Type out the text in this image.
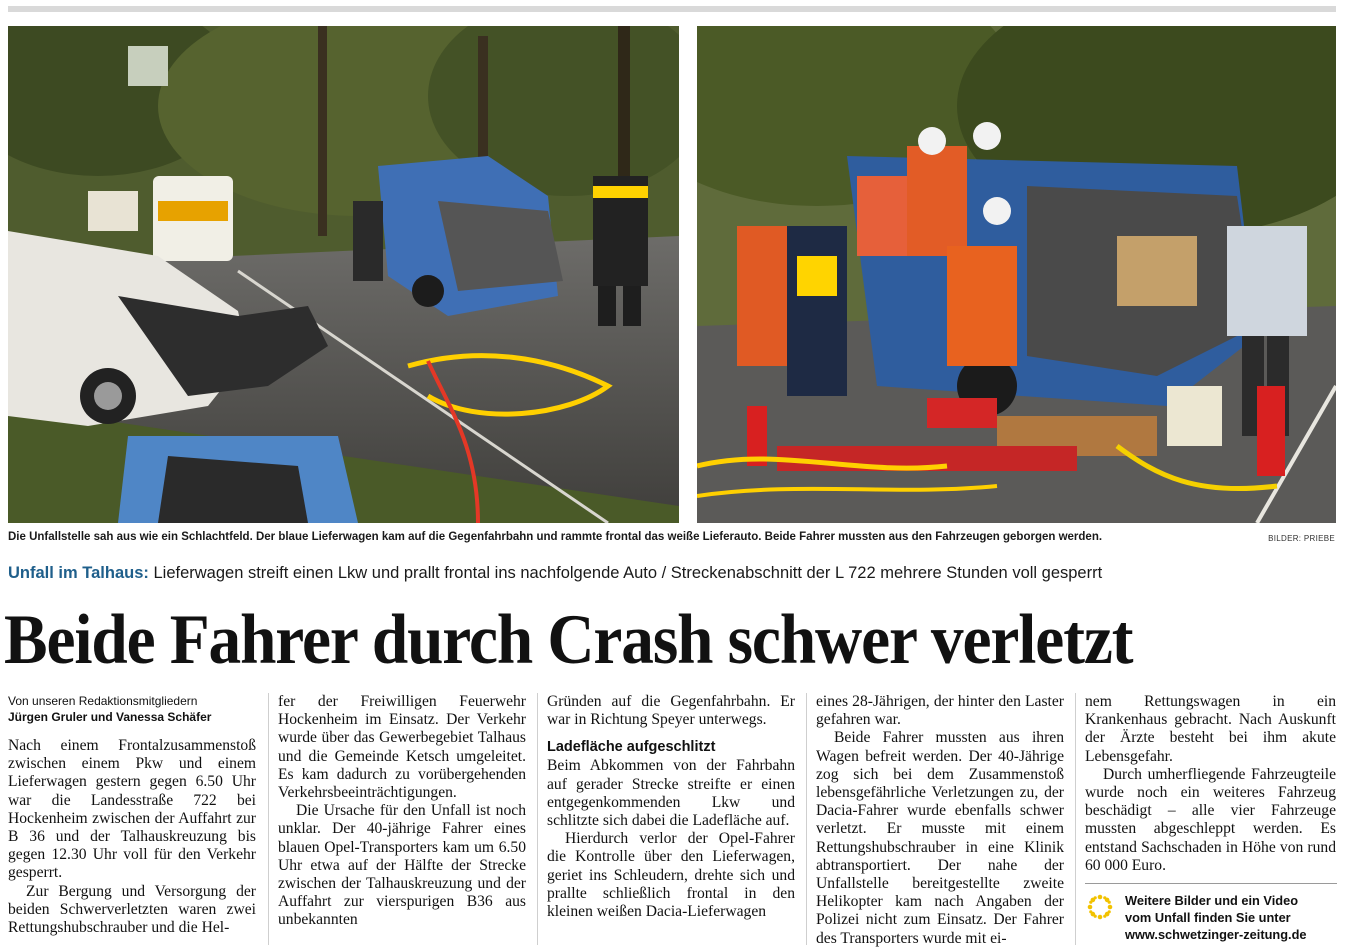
Die Unfallstelle sah aus wie ein Schlachtfeld. Der blaue Lieferwagen kam auf die Gegenfahrbahn und rammte frontal das weiße Lieferauto. Beide Fahrer mussten aus den Fahrzeugen geborgen werden.	BILDER: PRIEBE
Unfall im Talhaus: Lieferwagen streift einen Lkw und prallt frontal ins nachfolgende Auto / Streckenabschnitt der L 722 mehrere Stunden voll gesperrt
Beide Fahrer durch Crash schwer verletzt

Von unseren Redaktionsmitgliedern

Jürgen Gruler und Vanessa Schäfer

Nach einem Frontalzusammenstoß zwischen einem Pkw und einem Lieferwagen gestern gegen 6.50 Uhr war die Landesstraße 722 bei Hockenheim zwischen der Auffahrt zur B 36 und der Talhauskreuzung bis gegen 12.30 Uhr voll für den Verkehr gesperrt.

Zur Bergung und Versorgung der beiden Schwerverletzten waren zwei Rettungshubschrauber und die Hel-

fer der Freiwilligen Feuerwehr Hockenheim im Einsatz. Der Verkehr wurde über das Gewerbegebiet Talhaus und die Gemeinde Ketsch umgeleitet. Es kam dadurch zu vorübergehenden Verkehrsbeeinträchtigungen.

Die Ursache für den Unfall ist noch unklar. Der 40-jährige Fahrer eines blauen Opel-Transporters kam um 6.50 Uhr etwa auf der Hälfte der Strecke zwischen der Talhauskreuzung und der Auffahrt zur vierspurigen B36 aus unbekannten

Gründen auf die Gegenfahrbahn. Er war in Richtung Speyer unterwegs.

Ladefläche aufgeschlitzt

Beim Abkommen von der Fahrbahn auf gerader Strecke streifte er einen entgegenkommenden Lkw und schlitzte sich dabei die Ladefläche auf.

Hierdurch verlor der Opel-Fahrer die Kontrolle über den Lieferwagen, geriet ins Schleudern, drehte sich und prallte schließlich frontal in den kleinen weißen Dacia-Lieferwagen

eines 28-Jährigen, der hinter den Laster gefahren war.

Beide Fahrer mussten aus ihren Wagen befreit werden. Der 40-Jährige zog sich bei dem Zusammenstoß lebensgefährliche Verletzungen zu, der Dacia-Fahrer wurde ebenfalls schwer verletzt. Er musste mit einem Rettungshubschrauber in eine Klinik abtransportiert. Der nahe der Unfallstelle bereitgestellte zweite Helikopter kam nach Angaben der Polizei nicht zum Einsatz. Der Fahrer des Transporters wurde mit ei-

nem Rettungswagen in ein Krankenhaus gebracht. Nach Auskunft der Ärzte besteht bei ihm akute Lebensgefahr.

Durch umherfliegende Fahrzeugteile wurde noch ein weiteres Fahrzeug beschädigt – alle vier Fahrzeuge mussten abgeschleppt werden. Es entstand Sachschaden in Höhe von rund 60 000 Euro.

Weitere Bilder und ein Video
vom Unfall finden Sie unter
www.schwetzinger-zeitung.de
